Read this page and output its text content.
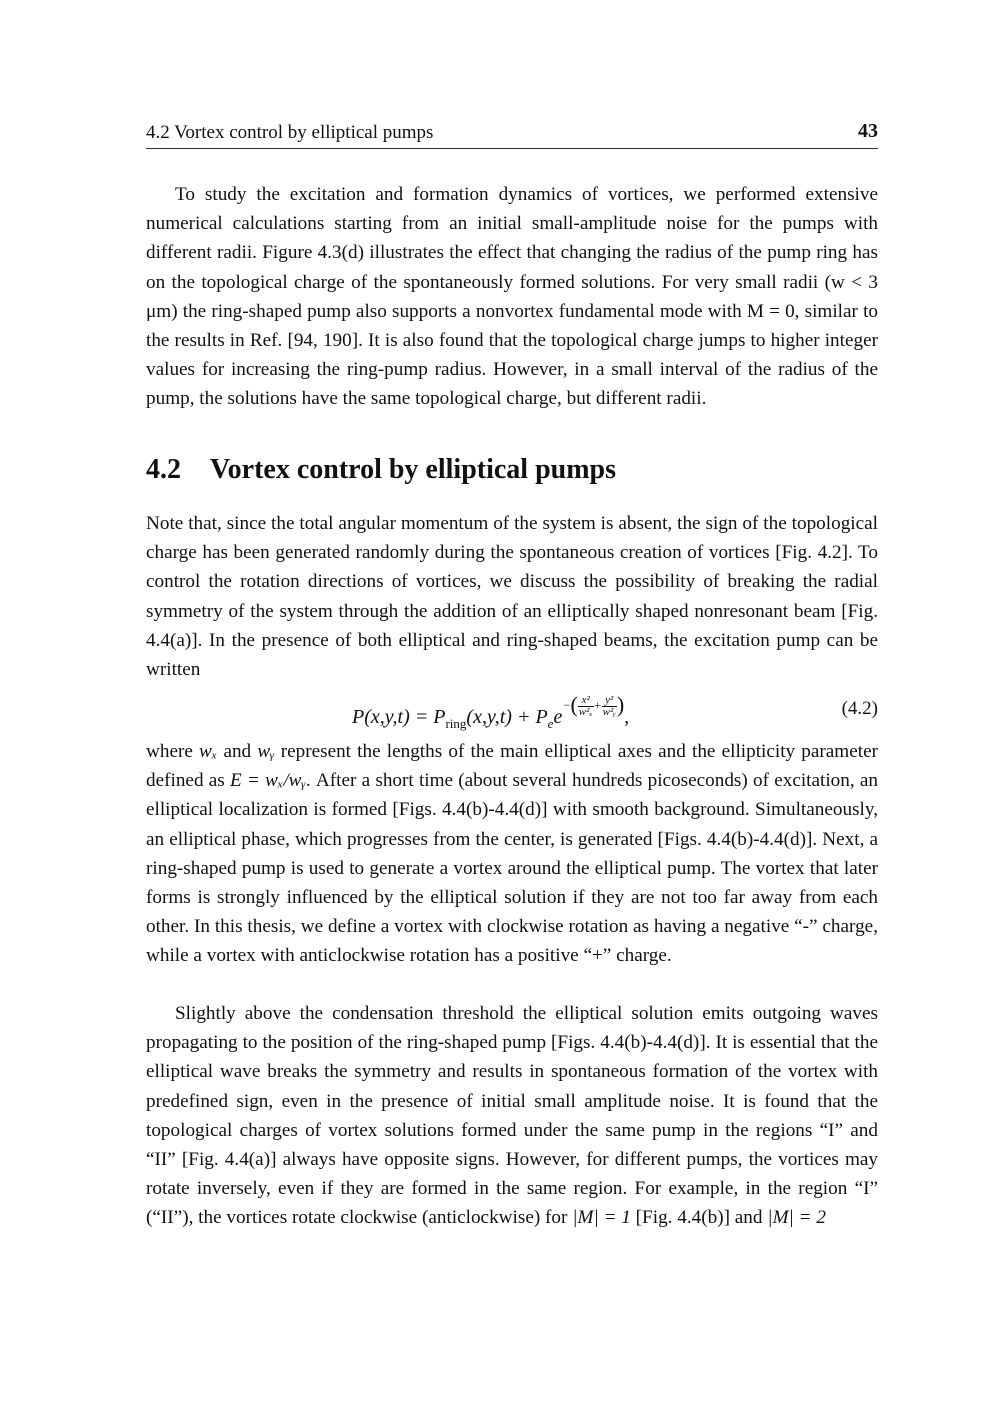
4.2 Vortex control by elliptical pumps	43

To study the excitation and formation dynamics of vortices, we performed extensive numerical calculations starting from an initial small-amplitude noise for the pumps with different radii. Figure 4.3(d) illustrates the effect that changing the radius of the pump ring has on the topological charge of the spontaneously formed solutions. For very small radii (w < 3 μm) the ring-shaped pump also supports a nonvortex fundamental mode with M = 0, similar to the results in Ref. [94, 190]. It is also found that the topological charge jumps to higher integer values for increasing the ring-pump radius. However, in a small interval of the radius of the pump, the solutions have the same topological charge, but different radii.

4.2 Vortex control by elliptical pumps

Note that, since the total angular momentum of the system is absent, the sign of the topological charge has been generated randomly during the spontaneous creation of vortices [Fig. 4.2]. To control the rotation directions of vortices, we discuss the possibility of breaking the radial symmetry of the system through the addition of an elliptically shaped nonresonant beam [Fig. 4.4(a)]. In the presence of both elliptical and ring-shaped beams, the excitation pump can be written

$P(x,y,t) = P_{ring}(x,y,t) + P_ee-( \frac{\text{x²}}{\text{w²ₓ}} + \frac{\text{y²}}{\text{w²ᵧ}}$ ),	(4.2)

where wₓ and wᵧ represent the lengths of the main elliptical axes and the ellipticity parameter defined as E = wₓ/wᵧ. After a short time (about several hundreds picoseconds) of excitation, an elliptical localization is formed [Figs. 4.4(b)-4.4(d)] with smooth background. Simultaneously, an elliptical phase, which progresses from the center, is generated [Figs. 4.4(b)-4.4(d)]. Next, a ring-shaped pump is used to generate a vortex around the elliptical pump. The vortex that later forms is strongly influenced by the elliptical solution if they are not too far away from each other. In this thesis, we define a vortex with clockwise rotation as having a negative “-” charge, while a vortex with anticlockwise rotation has a positive “+” charge.

Slightly above the condensation threshold the elliptical solution emits outgoing waves propagating to the position of the ring-shaped pump [Figs. 4.4(b)-4.4(d)]. It is essential that the elliptical wave breaks the symmetry and results in spontaneous formation of the vortex with predefined sign, even in the presence of initial small amplitude noise. It is found that the topological charges of vortex solutions formed under the same pump in the regions “I” and “II” [Fig. 4.4(a)] always have opposite signs. However, for different pumps, the vortices may rotate inversely, even if they are formed in the same region. For example, in the region “I” (“II”), the vortices rotate clockwise (anticlockwise) for |M| = 1 [Fig. 4.4(b)] and |M| = 2
